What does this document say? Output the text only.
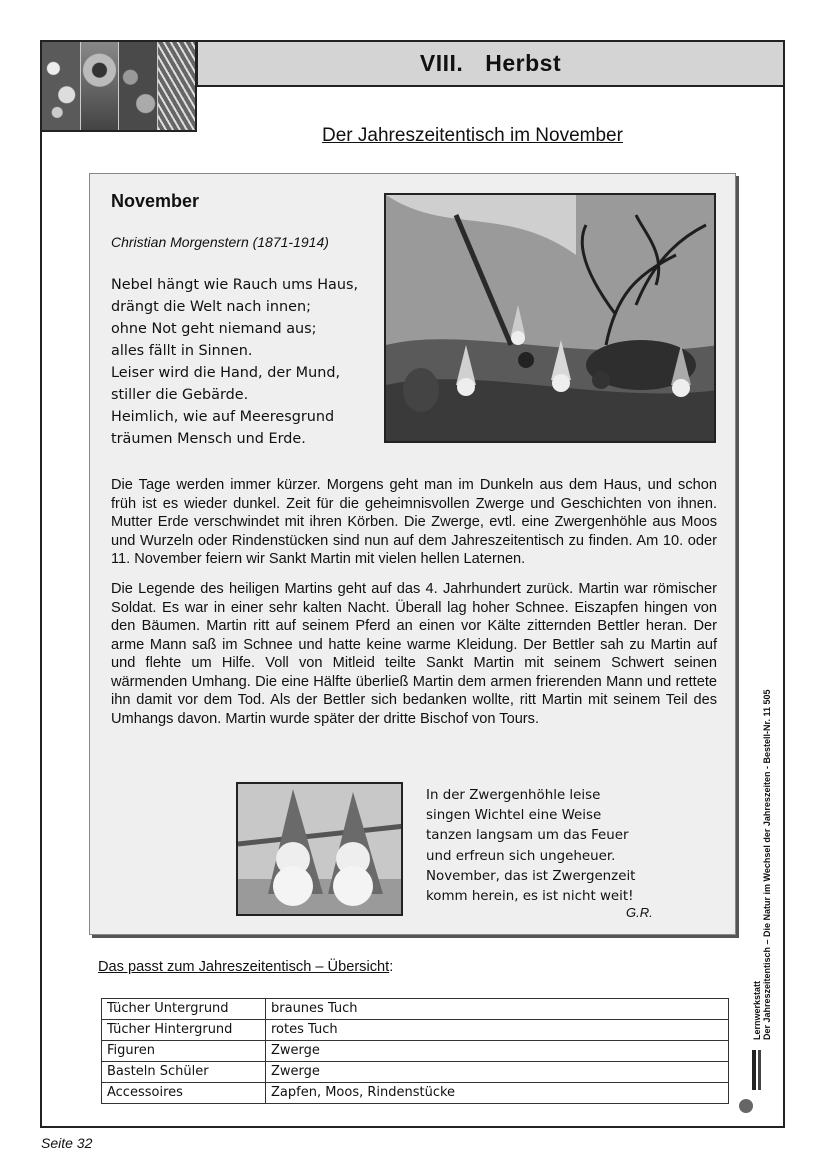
VIII. Herbst
Der Jahreszeitentisch im November
November
Christian Morgenstern (1871-1914)
Nebel hängt wie Rauch ums Haus,
drängt die Welt nach innen;
ohne Not geht niemand aus;
alles fällt in Sinnen.
Leiser wird die Hand, der Mund,
stiller die Gebärde.
Heimlich, wie auf Meeresgrund
träumen Mensch und Erde.
Die Tage werden immer kürzer. Morgens geht man im Dunkeln aus dem Haus, und schon früh ist es wieder dunkel. Zeit für die geheimnisvollen Zwerge und Geschichten von ihnen. Mutter Erde verschwindet mit ihren Körben. Die Zwerge, evtl. eine Zwergenhöhle aus Moos und Wurzeln oder Rindenstücken sind nun auf dem Jahreszeitentisch zu finden. Am 10. oder 11. November feiern wir Sankt Martin mit vielen hellen Laternen.
Die Legende des heiligen Martins geht auf das 4. Jahrhundert zurück. Martin war römischer Soldat. Es war in einer sehr kalten Nacht. Überall lag hoher Schnee. Eiszapfen hingen von den Bäumen. Martin ritt auf seinem Pferd an einen vor Kälte zitternden Bettler heran. Der arme Mann saß im Schnee und hatte keine warme Kleidung. Der Bettler sah zu Martin auf und flehte um Hilfe. Voll von Mitleid teilte Sankt Martin mit seinem Schwert seinen wärmenden Umhang. Die eine Hälfte überließ Martin dem armen frierenden Mann und rettete ihn damit vor dem Tod. Als der Bettler sich bedanken wollte, ritt Martin mit seinem Teil des Umhangs davon. Martin wurde später der dritte Bischof von Tours.
In der Zwergenhöhle leise
singen Wichtel eine Weise
tanzen langsam um das Feuer
und erfreun sich ungeheuer.
November, das ist Zwergenzeit
komm herein, es ist nicht weit!
G.R.
Das passt zum Jahreszeitentisch – Übersicht:
Tücher Untergrund	braunes Tuch
Tücher Hintergrund	rotes Tuch
Figuren	Zwerge
Basteln Schüler	Zwerge
Accessoires	Zapfen, Moos, Rindenstücke
Lernwerkstatt Der Jahreszeitentisch – Die Natur im Wechsel der Jahreszeiten - Bestell-Nr. 11 505
Seite 32
